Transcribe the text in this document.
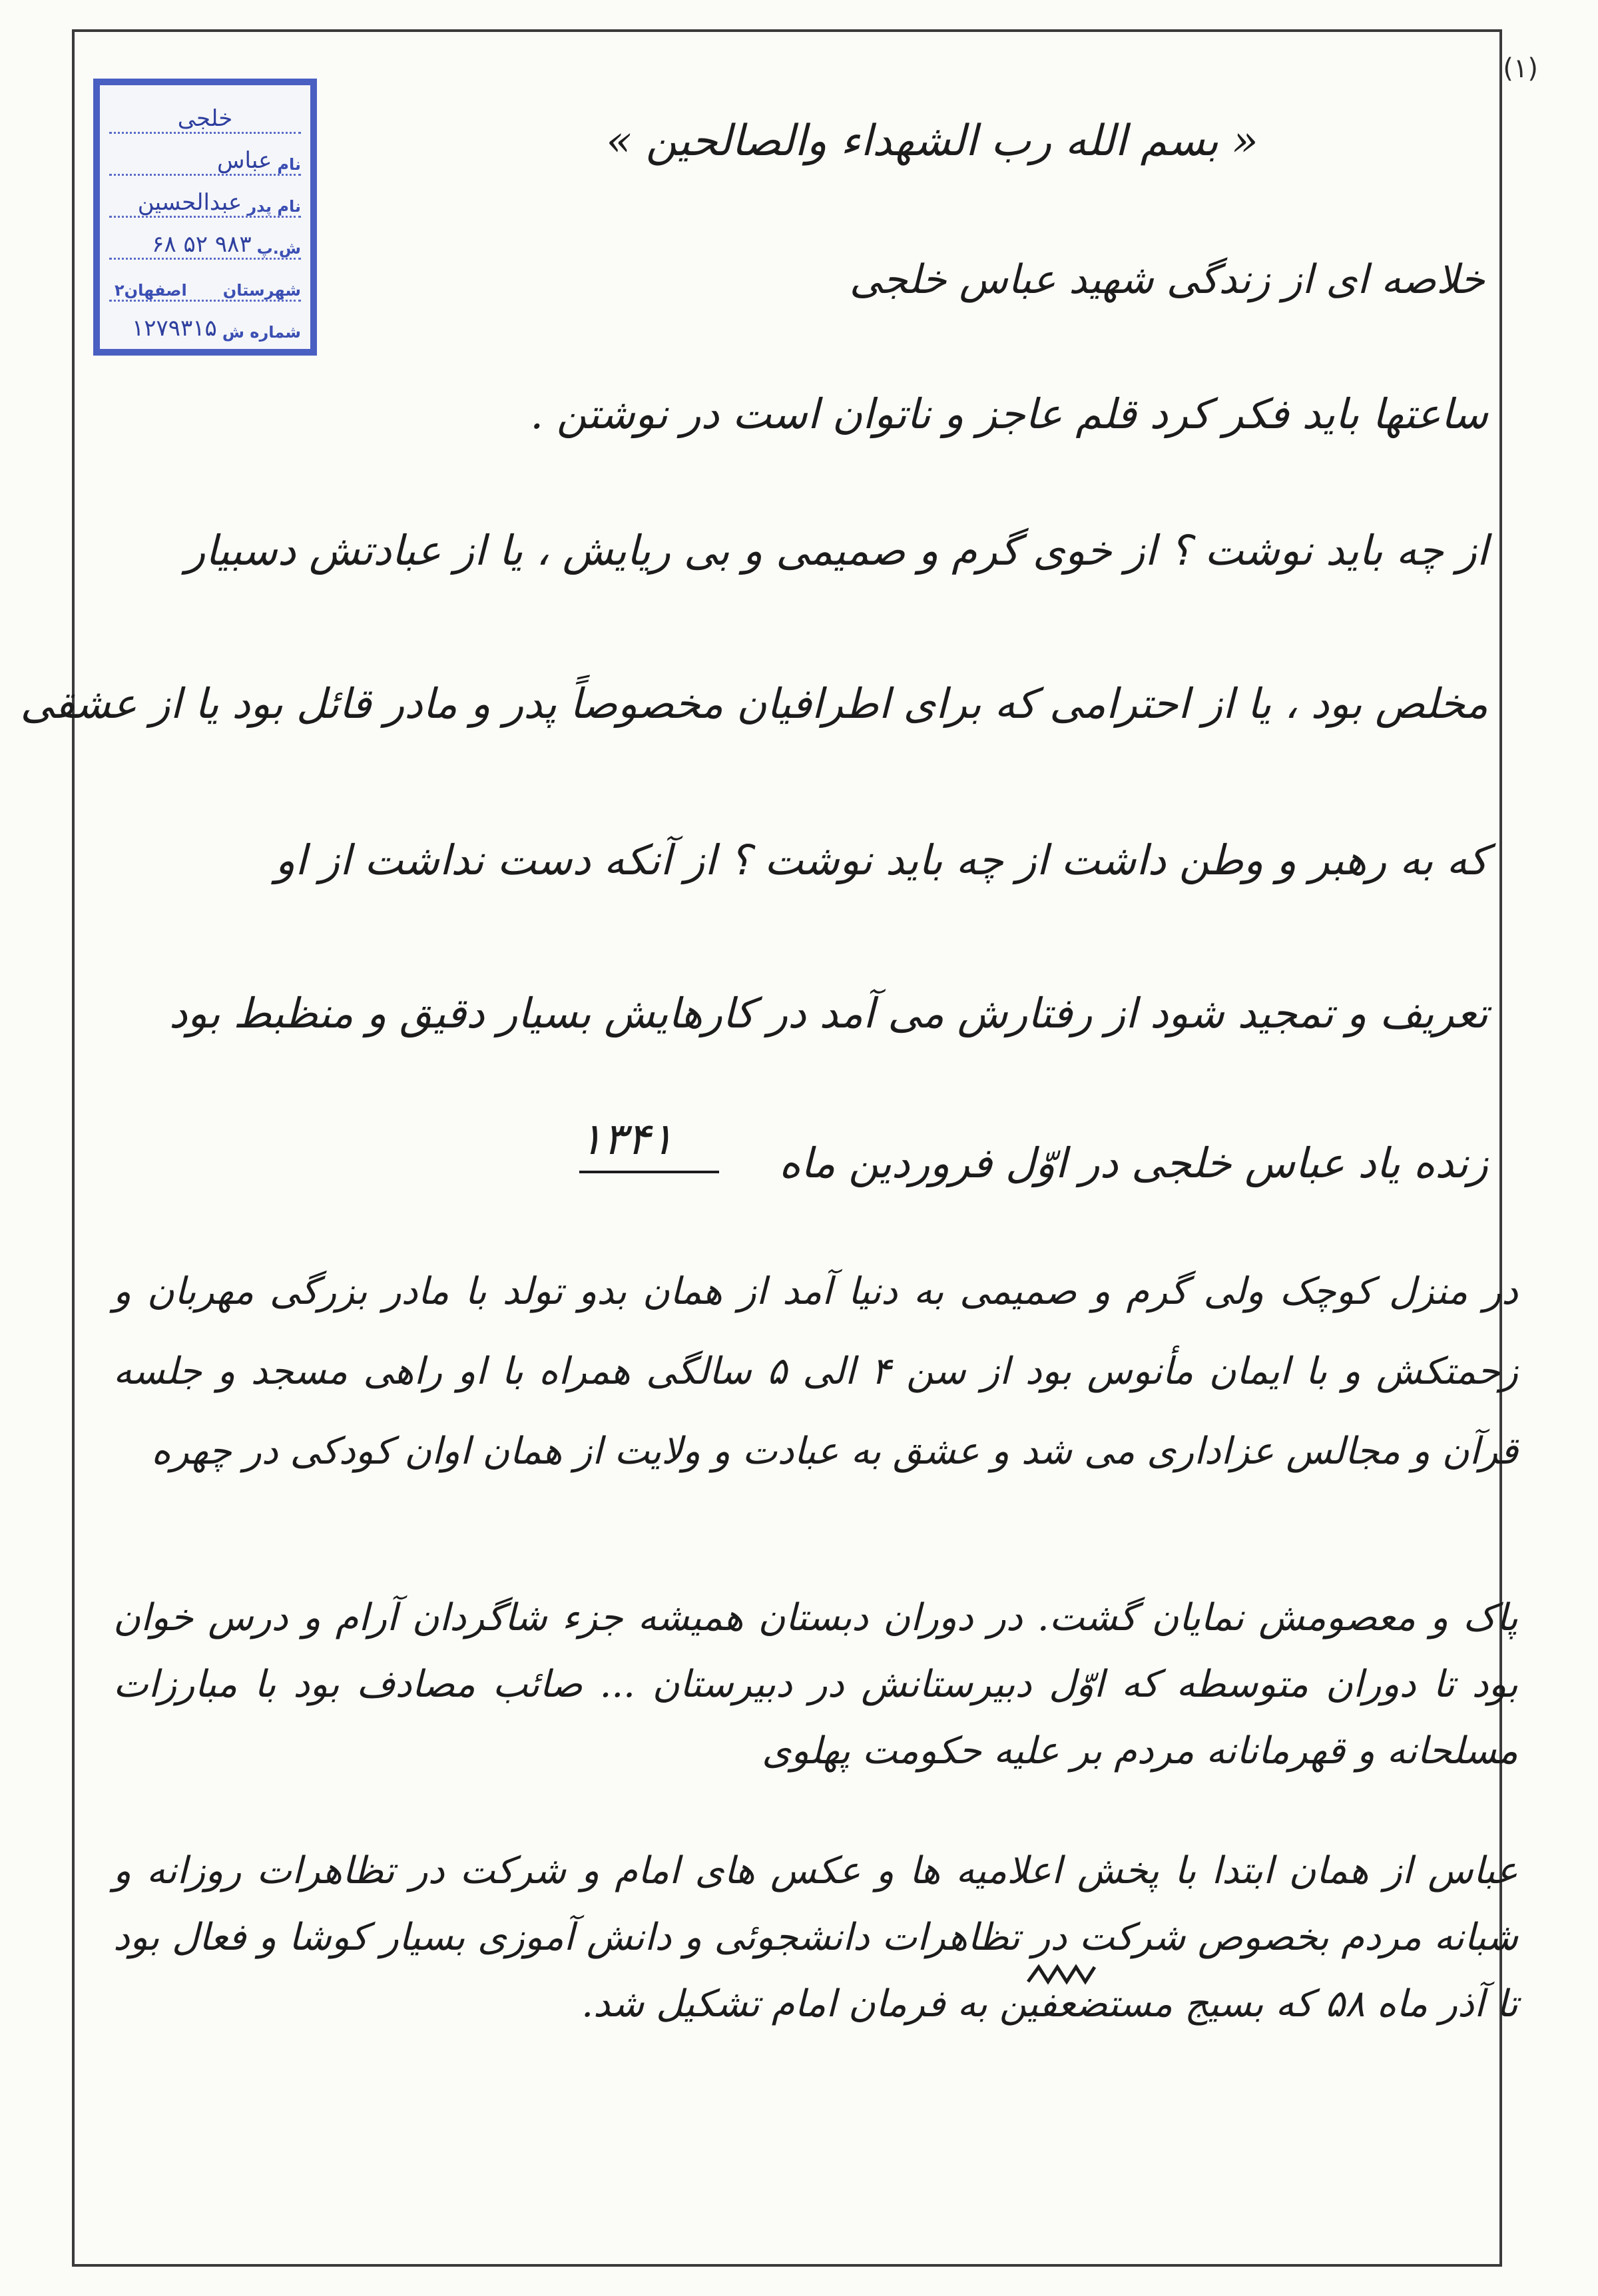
(۱)
خلجی
نام
عباس
نام پدر
عبدالحسین
ش.پ
۹۸۳ ۵۲ ۶۸
شهرستان
اصفهان۲
شماره ش
۱۲۷۹۳۱۵
« بسم الله رب الشهداء والصالحین »
خلاصه ای از زندگی شهید عباس خلجی
ساعتها باید فکر کرد قلم عاجز و ناتوان است در نوشتن .
از چه باید نوشت ؟ از خوی گرم و صمیمی و بی ریایش ، یا از عبادتش دسبیار
مخلص بود ، یا از احترامی که برای اطرافیان مخصوصاً پدر و مادر قائل بود یا از عشقی
که به رهبر و وطن داشت از چه باید نوشت ؟ از آنکه دست نداشت از او
تعریف و تمجید شود از رفتارش می آمد در کارهایش بسیار دقیق و منظبط بود
زنده یاد عباس خلجی در اوّل فروردین ماه
۱۳۴۱
در منزل کوچک ولی گرم و صمیمی به دنیا آمد از همان بدو تولد با مادر بزرگی مهربان و زحمتکش و با ایمان مأنوس بود از سن ۴ الی ۵ سالگی همراه با او راهی مسجد و جلسه قرآن و مجالس عزاداری می شد و عشق به عبادت و ولایت از همان اوان کودکی در چهره
پاک و معصومش نمایان گشت. در دوران دبستان همیشه جزء شاگردان آرام و درس خوان بود تا دوران متوسطه که اوّل دبیرستانش در دبیرستان ... صائب مصادف بود با مبارزات مسلحانه و قهرمانانه مردم بر علیه حکومت پهلوی
عباس از همان ابتدا با پخش اعلامیه ها و عکس های امام و شرکت در تظاهرات روزانه و شبانه مردم بخصوص شرکت در تظاهرات دانشجوئی و دانش آموزی بسیار کوشا و فعال بود تا آذر ماه ۵۸ که بسیج مستضعفین به فرمان امام تشکیل شد.
